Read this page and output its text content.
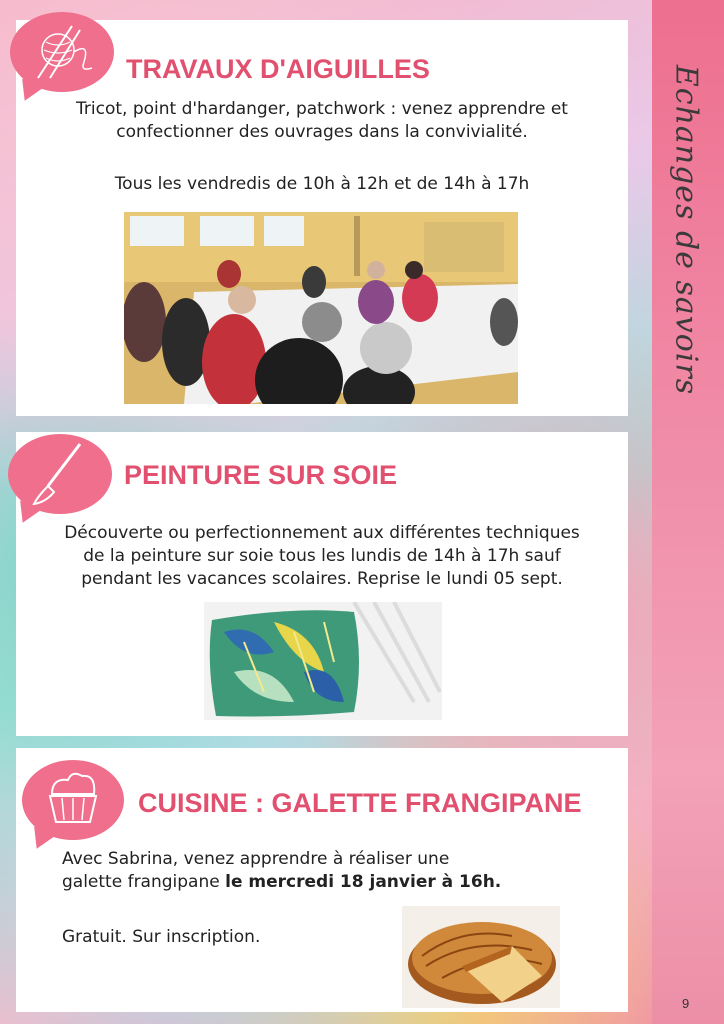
Echanges de savoirs
9
TRAVAUX D'AIGUILLES
Tricot, point d'hardanger, patchwork : venez apprendre et
confectionner des ouvrages dans la convivialité.
Tous les vendredis de 10h à 12h et de 14h à 17h
PEINTURE SUR SOIE
Découverte ou perfectionnement aux différentes techniques
de la peinture sur soie tous les lundis de 14h à 17h sauf
pendant les vacances scolaires. Reprise le lundi 05 sept.
CUISINE : GALETTE FRANGIPANE
Avec Sabrina, venez apprendre à réaliser une
galette frangipane le mercredi 18 janvier à 16h.
Gratuit. Sur inscription.
